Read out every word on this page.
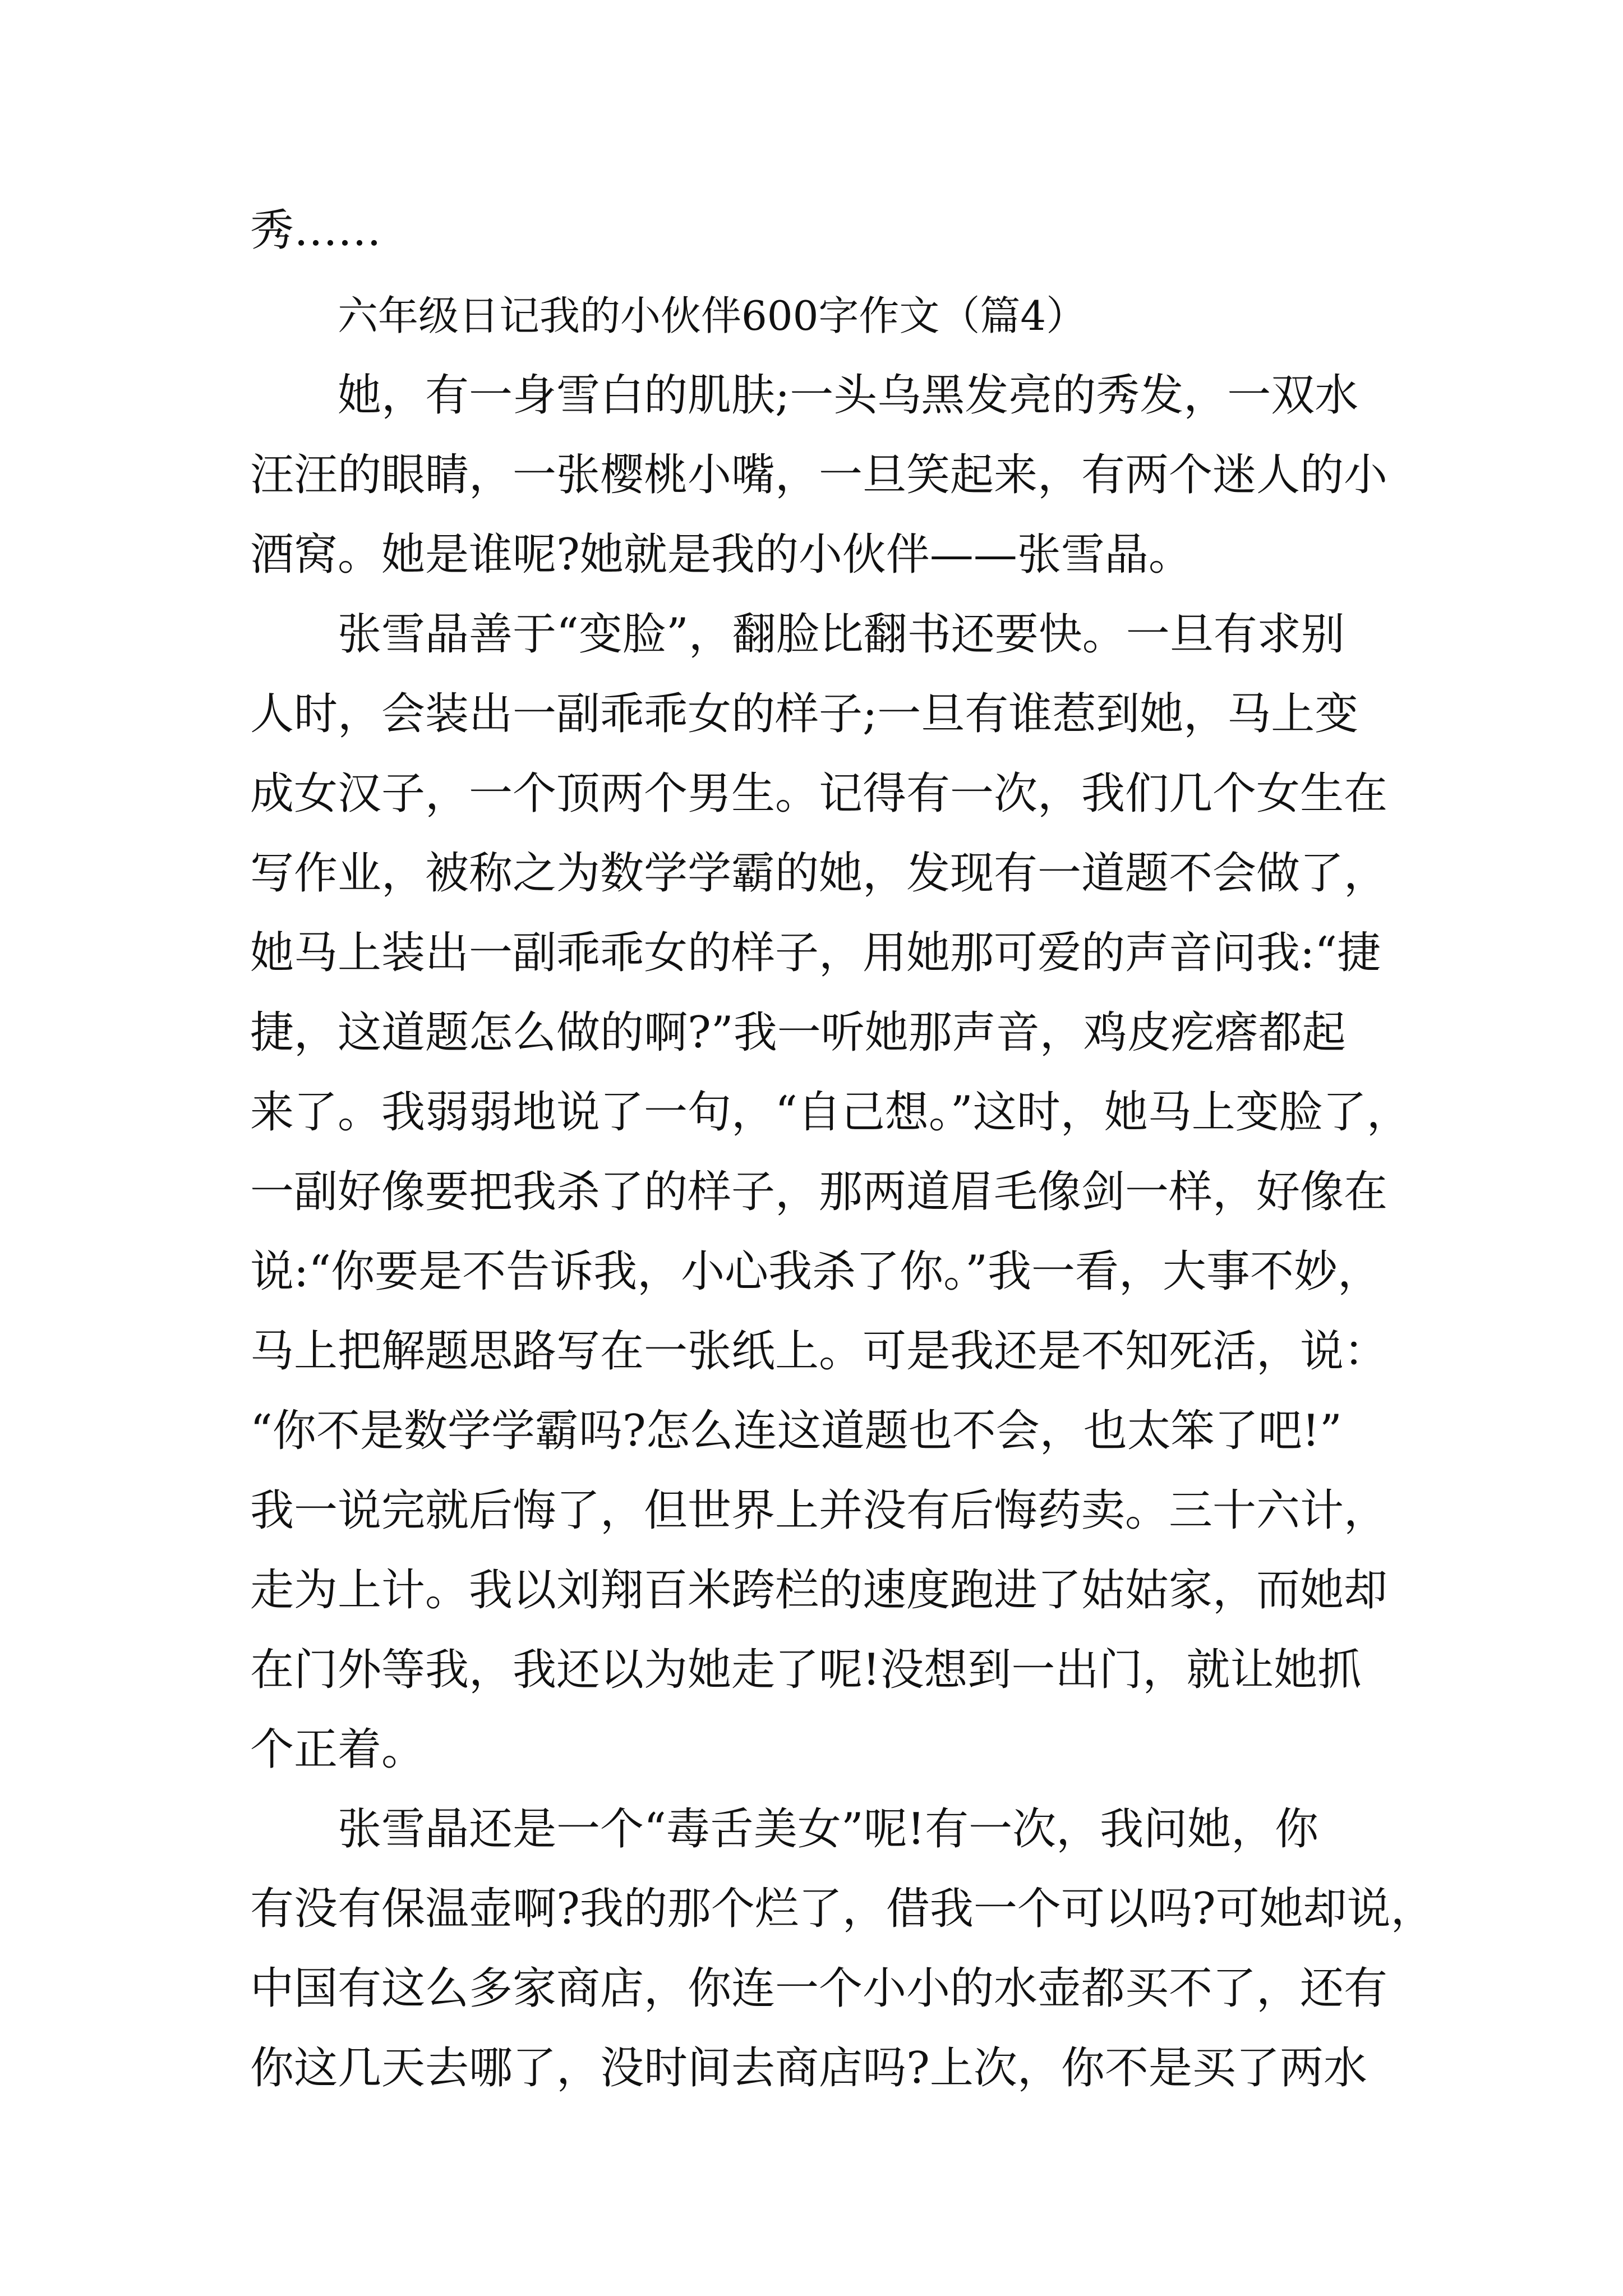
秀……
六年级日记我的小伙伴600字作文（篇4）
她，有一身雪白的肌肤;一头乌黑发亮的秀发，一双水
汪汪的眼睛，一张樱桃小嘴，一旦笑起来，有两个迷人的小
酒窝。她是谁呢?她就是我的小伙伴——张雪晶。
张雪晶善于“变脸”，翻脸比翻书还要快。一旦有求别
人时，会装出一副乖乖女的样子;一旦有谁惹到她，马上变
成女汉子，一个顶两个男生。记得有一次，我们几个女生在
写作业，被称之为数学学霸的她，发现有一道题不会做了，
她马上装出一副乖乖女的样子，用她那可爱的声音问我:“捷
捷，这道题怎么做的啊?”我一听她那声音，鸡皮疙瘩都起
来了。我弱弱地说了一句，“自己想。”这时，她马上变脸了，
一副好像要把我杀了的样子，那两道眉毛像剑一样，好像在
说:“你要是不告诉我，小心我杀了你。”我一看，大事不妙，
马上把解题思路写在一张纸上。可是我还是不知死活，说：
“你不是数学学霸吗?怎么连这道题也不会，也太笨了吧!”
我一说完就后悔了，但世界上并没有后悔药卖。三十六计，
走为上计。我以刘翔百米跨栏的速度跑进了姑姑家，而她却
在门外等我，我还以为她走了呢!没想到一出门，就让她抓
个正着。
张雪晶还是一个“毒舌美女”呢!有一次，我问她，你
有没有保温壶啊?我的那个烂了，借我一个可以吗?可她却说，
中国有这么多家商店，你连一个小小的水壶都买不了，还有
你这几天去哪了，没时间去商店吗?上次，你不是买了两水
